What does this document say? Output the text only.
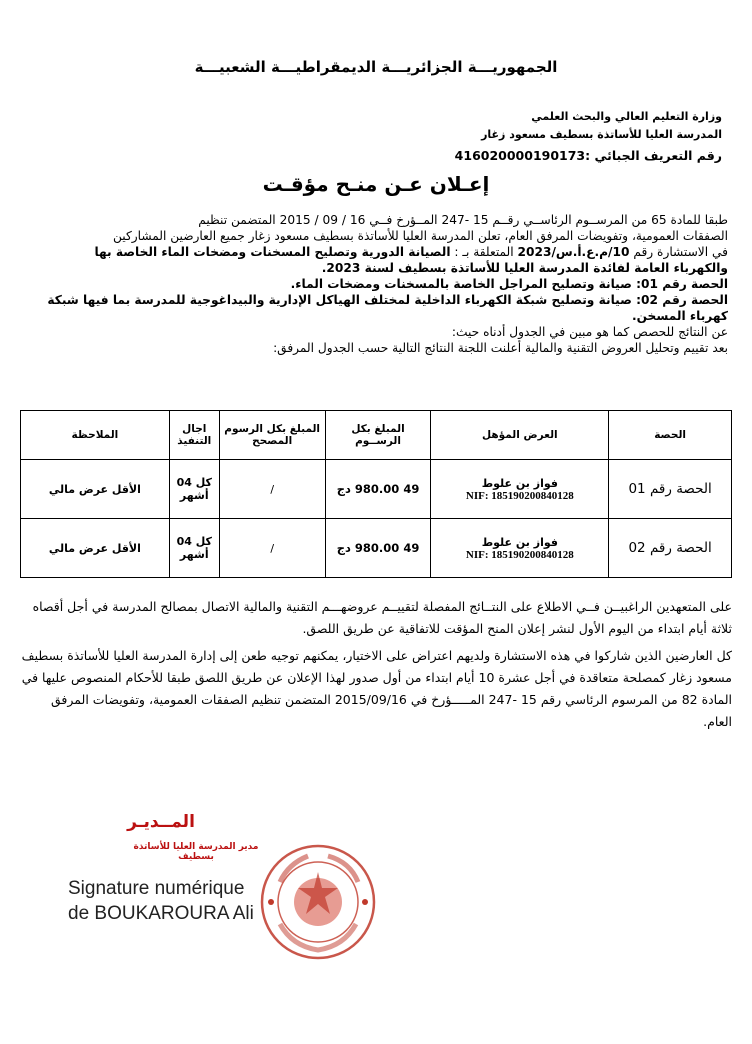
الجمهوريـــة الجزائريـــة الديمقراطيـــة الشعبيـــة
وزارة التعليم العالي والبحث العلمي
المدرسة العليا للأساتذة بسطيف مسعود زغار
رقم التعريف الجبائي :416020000190173
إعـلان عـن منـح مؤقـت

طبقا للمادة 65 من المرســوم الرئاســي رقــم 15 -247 المــؤرخ فــي 16 / 09 / 2015 المتضمن تنظيم

الصفقات العمومية، وتفويضات المرفق العام، تعلن المدرسة العليا للأساتذة بسطيف مسعود زغار جميع العارضين المشاركين

في الاستشارة رقم 10/م.ع.أ.س/2023 المتعلقة بـ : الصيانة الدورية وتصليح المسخنات ومضخات الماء الخاصة بها

والكهرباء العامة لفائدة المدرسة العليا للأساتذة بسطيف لسنة 2023.

الحصة رقم 01: صيانة وتصليح المراجل الخاصة بالمسخنات ومضخات الماء.

الحصة رقم 02: صيانة وتصليح شبكة الكهرباء الداخلية لمختلف الهياكل الإدارية والبيداغوجية للمدرسة بما فيها شبكة كهرباء المسخن.

عن النتائج للحصص كما هو مبين في الجدول أدناه حيث:

بعد تقييم وتحليل العروض التقنية والمالية أعلنت اللجنة النتائج التالية حسب الجدول المرفق:

الحصة	العرض المؤهل	المبلغ بكل الرســوم	المبلغ بكل الرسوم المصحح	اجال التنفيذ	الملاحظة
الحصة رقم 01	فواز بن علوط
NIF: 185190200840128	49 980.00 دج	/	كل 04 أشهر	الأقل عرض مالي
الحصة رقم 02	فواز بن علوط
NIF: 185190200840128	49 980.00 دج	/	كل 04 أشهر	الأقل عرض مالي

على المتعهدين الراغبيــن فــي الاطلاع على النتــائج المفصلة لتقييــم عروضهـــم التقنية والمالية الاتصال بمصالح المدرسة في أجل أقصاه ثلاثة أيام ابتداء من اليوم الأول لنشر إعلان المنح المؤقت للاتفاقية عن طريق اللصق.

كل العارضين الذين شاركوا في هذه الاستشارة ولديهم اعتراض على الاختيار، يمكنهم توجيه طعن إلى إدارة المدرسة العليا للأساتذة بسطيف مسعود زغار كمصلحة متعاقدة في أجل عشرة 10 أيام ابتداء من أول صدور لهذا الإعلان عن طريق اللصق طبقا للأحكام المنصوص عليها في المادة 82 من المرسوم الرئاسي رقم 15 -247 المـــــؤرخ في 2015/09/16 المتضمن تنظيم الصفقات العمومية، وتفويضات المرفق العام.

المــديـر
مدير المدرسة العليا للأساتذة بسطيف
Signature numérique
de BOUKAROURA Ali
